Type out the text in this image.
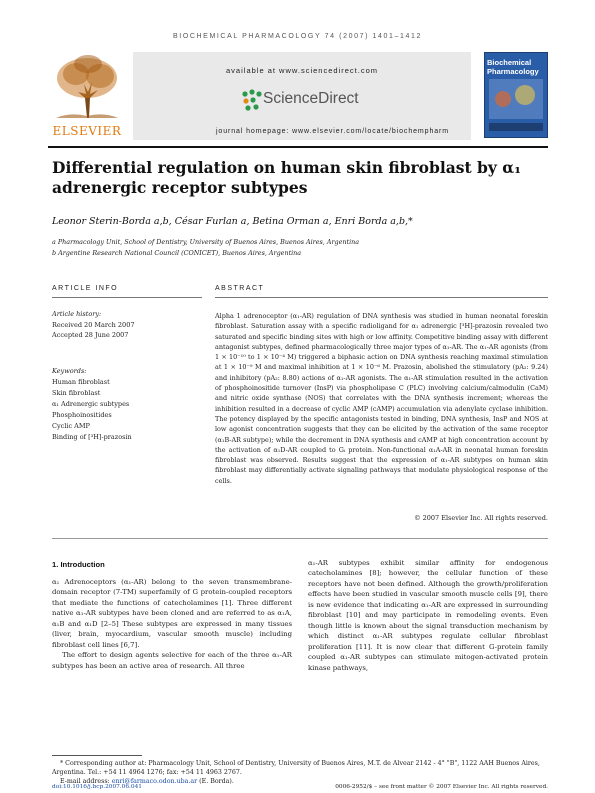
BIOCHEMICAL PHARMACOLOGY 74 (2007) 1401–1412
ELSEVIER
available at www.sciencedirect.com
ScienceDirect
journal homepage: www.elsevier.com/locate/biochempharm
Biochemical Pharmacology
Differential regulation on human skin fibroblast by α₁ adrenergic receptor subtypes
Leonor Sterin-Borda a,b, César Furlan a, Betina Orman a, Enri Borda a,b,*
a Pharmacology Unit, School of Dentistry, University of Buenos Aires, Buenos Aires, Argentina
b Argentine Research National Council (CONICET), Buenos Aires, Argentina
ARTICLE INFO	ABSTRACT
Article history:
Received 20 March 2007
Accepted 28 June 2007
Keywords:
Human fibroblast
Skin fibroblast
α₁ Adrenergic subtypes
Phosphoinositides
Cyclic AMP
Binding of [³H]-prazosin
Alpha 1 adrenoceptor (α₁-AR) regulation of DNA synthesis was studied in human neonatal foreskin fibroblast. Saturation assay with a specific radioligand for α₁ adrenergic [³H]-prazosin revealed two saturated and specific binding sites with high or low affinity. Competitive binding assay with different antagonist subtypes, defined pharmacologically three major types of α₁-AR. The α₁-AR agonists (from 1 × 10⁻¹⁰ to 1 × 10⁻⁴ M) triggered a biphasic action on DNA synthesis reaching maximal stimulation at 1 × 10⁻⁹ M and maximal inhibition at 1 × 10⁻⁶ M. Prazosin, abolished the stimulatory (pA₂: 9.24) and inhibitory (pA₂: 8.80) actions of α₁-AR agonists. The α₁-AR stimulation resulted in the activation of phosphoinositide turnover (InsP) via phospholipase C (PLC) involving calcium/calmodulin (CaM) and nitric oxide synthase (NOS) that correlates with the DNA synthesis increment; whereas the inhibition resulted in a decrease of cyclic AMP (cAMP) accumulation via adenylate cyclase inhibition. The potency displayed by the specific antagonists tested in binding, DNA synthesis, InsP and NOS at low agonist concentration suggests that they can be elicited by the activation of the same receptor (α₁B-AR subtype); while the decrement in DNA synthesis and cAMP at high concentration account by the activation of α₁D-AR coupled to Gᵢ protein. Non-functional α₁A-AR in neonatal human foreskin fibroblast was observed. Results suggest that the expression of α₁-AR subtypes on human skin fibroblast may differentially activate signaling pathways that modulate physiological response of the cells.
© 2007 Elsevier Inc. All rights reserved.
1. Introduction

α₁ Adrenoceptors (α₁-AR) belong to the seven transmembrane-domain receptor (7-TM) superfamily of G protein-coupled receptors that mediate the functions of catecholamines [1]. Three different native α₁-AR subtypes have been cloned and are referred to as α₁A, α₁B and α₁D [2–5] These subtypes are expressed in many tissues (liver, brain, myocardium, vascular smooth muscle) including fibroblast cell lines [6,7].

The effort to design agents selective for each of the three α₁-AR subtypes has been an active area of research. All three

α₁-AR subtypes exhibit similar affinity for endogenous catecholamines [8]; however, the cellular function of these receptors have not been defined. Although the growth/proliferation effects have been studied in vascular smooth muscle cells [9], there is new evidence that indicating α₁-AR are expressed in surrounding fibroblast [10] and may participate in remodeling events. Even though little is known about the signal transduction mechanism by which distinct α₁-AR subtypes regulate cellular fibroblast proliferation [11]. It is now clear that different G-protein family coupled α₁-AR subtypes can stimulate mitogen-activated protein kinase pathways,

* Corresponding author at: Pharmacology Unit, School of Dentistry, University of Buenos Aires, M.T. de Alvear 2142 - 4° "B", 1122 AAH Buenos Aires, Argentina. Tel.: +54 11 4964 1276; fax: +54 11 4963 2767.
E-mail address: enri@farmaco.odon.uba.ar (E. Borda).
0006-2952/$ – see front matter © 2007 Elsevier Inc. All rights reserved.
doi:10.1016/j.bcp.2007.06.041
